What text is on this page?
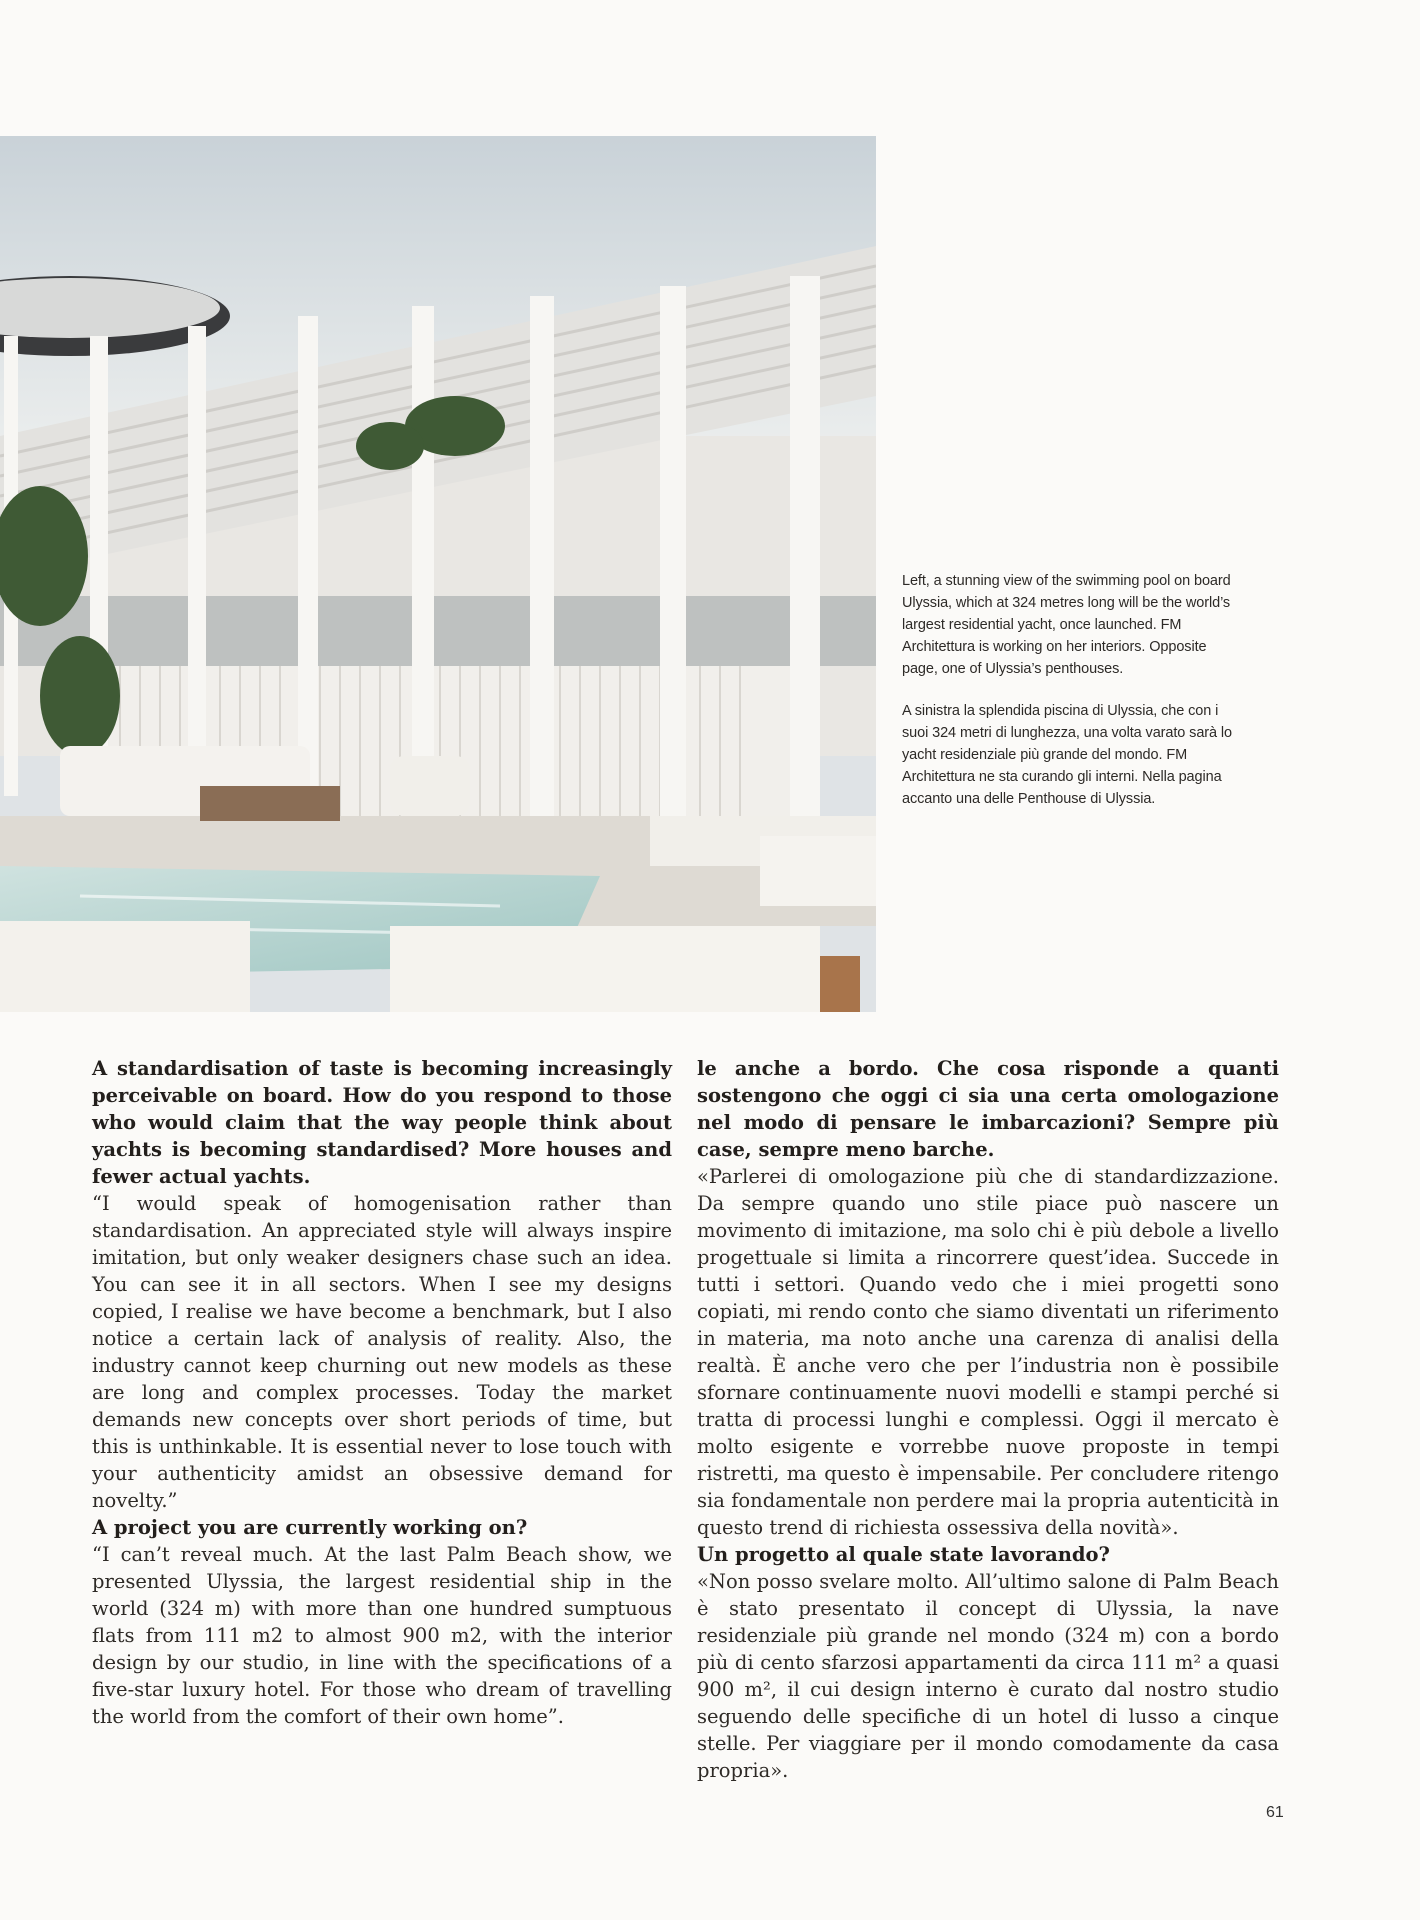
Left, a stunning view of the swimming pool on board Ulyssia, which at 324 metres long will be the world’s largest residential yacht, once launched. FM Architettura is working on her interiors. Opposite page, one of Ulyssia’s penthouses.
A sinistra la splendida piscina di Ulyssia, che con i suoi 324 metri di lunghezza, una volta varato sarà lo yacht residenziale più grande del mondo. FM Architettura ne sta curando gli interni. Nella pagina accanto una delle Penthouse di Ulyssia.

A standardisation of taste is becoming increasingly perceivable on board. How do you respond to those who would claim that the way people think about yachts is becoming standardised? More houses and fewer actual yachts.

“I would speak of homogenisation rather than standardisation. An appreciated style will always inspire imitation, but only weaker designers chase such an idea. You can see it in all sectors. When I see my designs copied, I realise we have become a benchmark, but I also notice a certain lack of analysis of reality. Also, the industry cannot keep churning out new models as these are long and complex processes. Today the market demands new concepts over short periods of time, but this is unthinkable. It is essential never to lose touch with your authenticity amidst an obsessive demand for novelty.”

A project you are currently working on?

“I can’t reveal much. At the last Palm Beach show, we presented Ulyssia, the largest residential ship in the world (324 m) with more than one hundred sumptuous flats from 111 m2 to almost 900 m2, with the interior design by our studio, in line with the specifications of a five-star luxury hotel. For those who dream of travelling the world from the comfort of their own home”.

le anche a bordo. Che cosa risponde a quanti sostengono che oggi ci sia una certa omologazione nel modo di pensare le imbarcazioni? Sempre più case, sempre meno barche.

«Parlerei di omologazione più che di standardizzazione. Da sempre quando uno stile piace può nascere un movimento di imitazione, ma solo chi è più debole a livello progettuale si limita a rincorrere quest’idea. Succede in tutti i settori. Quando vedo che i miei progetti sono copiati, mi rendo conto che siamo diventati un riferimento in materia, ma noto anche una carenza di analisi della realtà. È anche vero che per l’industria non è possibile sfornare continuamente nuovi modelli e stampi perché si tratta di processi lunghi e complessi. Oggi il mercato è molto esigente e vorrebbe nuove proposte in tempi ristretti, ma questo è impensabile. Per concludere ritengo sia fondamentale non perdere mai la propria autenticità in questo trend di richiesta ossessiva della novità».

Un progetto al quale state lavorando?

«Non posso svelare molto. All’ultimo salone di Palm Beach è stato presentato il concept di Ulyssia, la nave residenziale più grande nel mondo (324 m) con a bordo più di cento sfarzosi appartamenti da circa 111 m² a quasi 900 m², il cui design interno è curato dal nostro studio seguendo delle specifiche di un hotel di lusso a cinque stelle. Per viaggiare per il mondo comodamente da casa propria».

61
